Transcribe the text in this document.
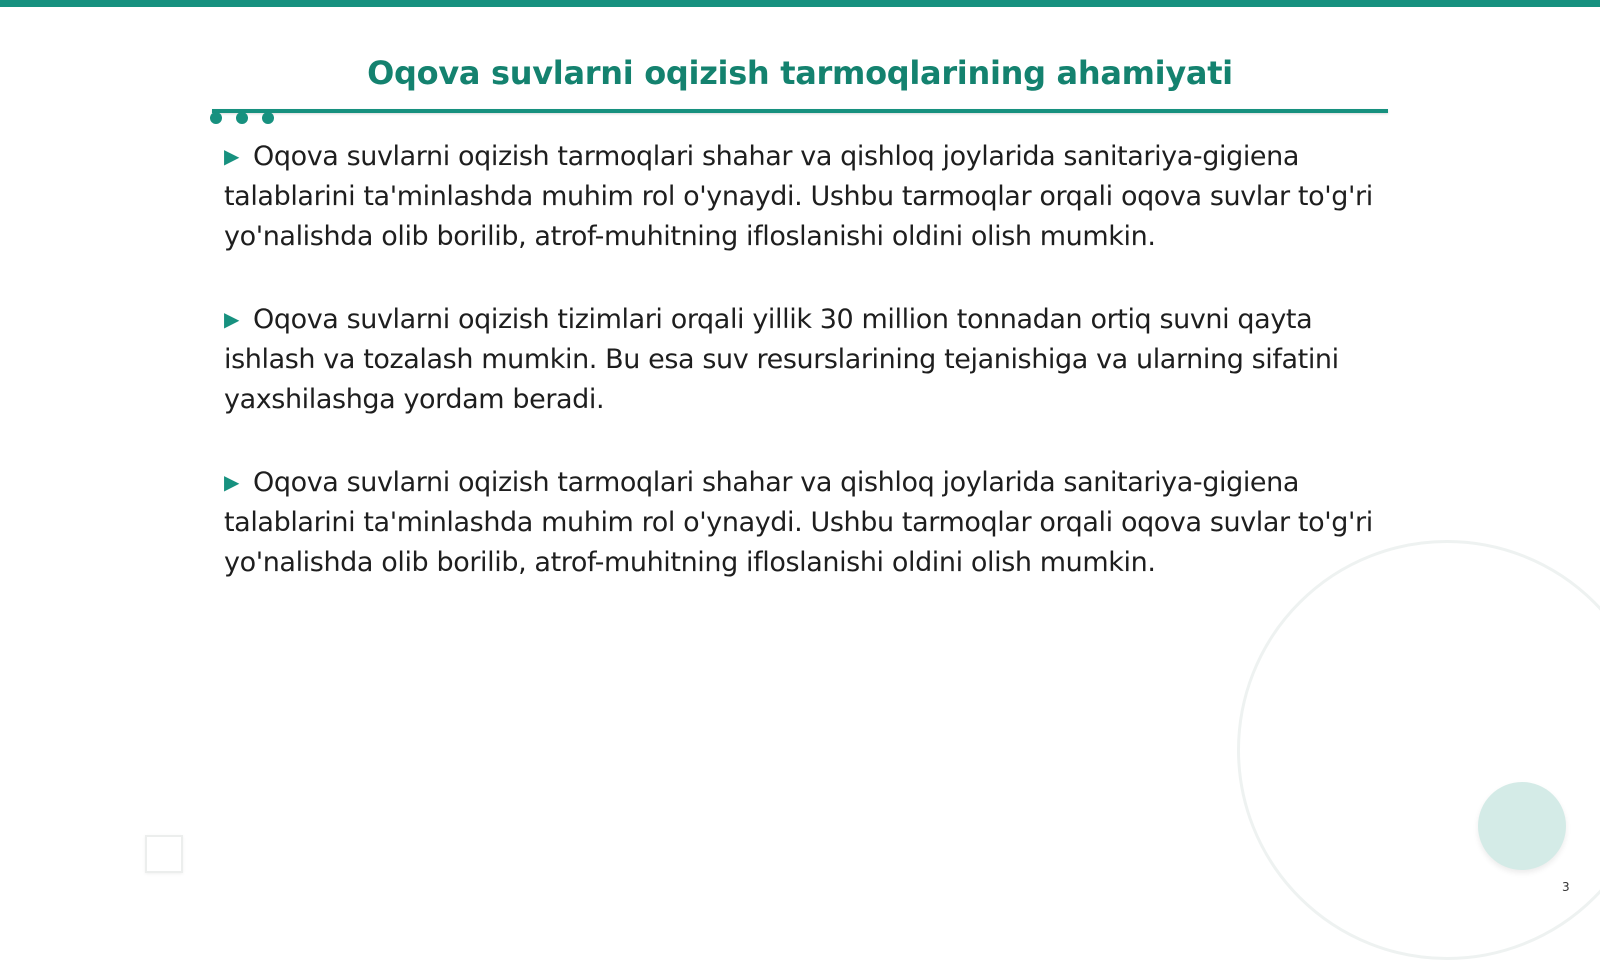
Oqova suvlarni oqizish tarmoqlarining ahamiyati

▶ Oqova suvlarni oqizish tarmoqlari shahar va qishloq joylarida sanitariya-gigiena talablarini ta'minlashda muhim rol o'ynaydi. Ushbu tarmoqlar orqali oqova suvlar to'g'ri yo'nalishda olib borilib, atrof-muhitning ifloslanishi oldini olish mumkin.

▶ Oqova suvlarni oqizish tizimlari orqali yillik 30 million tonnadan ortiq suvni qayta ishlash va tozalash mumkin. Bu esa suv resurslarining tejanishiga va ularning sifatini yaxshilashga yordam beradi.

▶ Oqova suvlarni oqizish tarmoqlari shahar va qishloq joylarida sanitariya-gigiena talablarini ta'minlashda muhim rol o'ynaydi. Ushbu tarmoqlar orqali oqova suvlar to'g'ri yo'nalishda olib borilib, atrof-muhitning ifloslanishi oldini olish mumkin.

3
